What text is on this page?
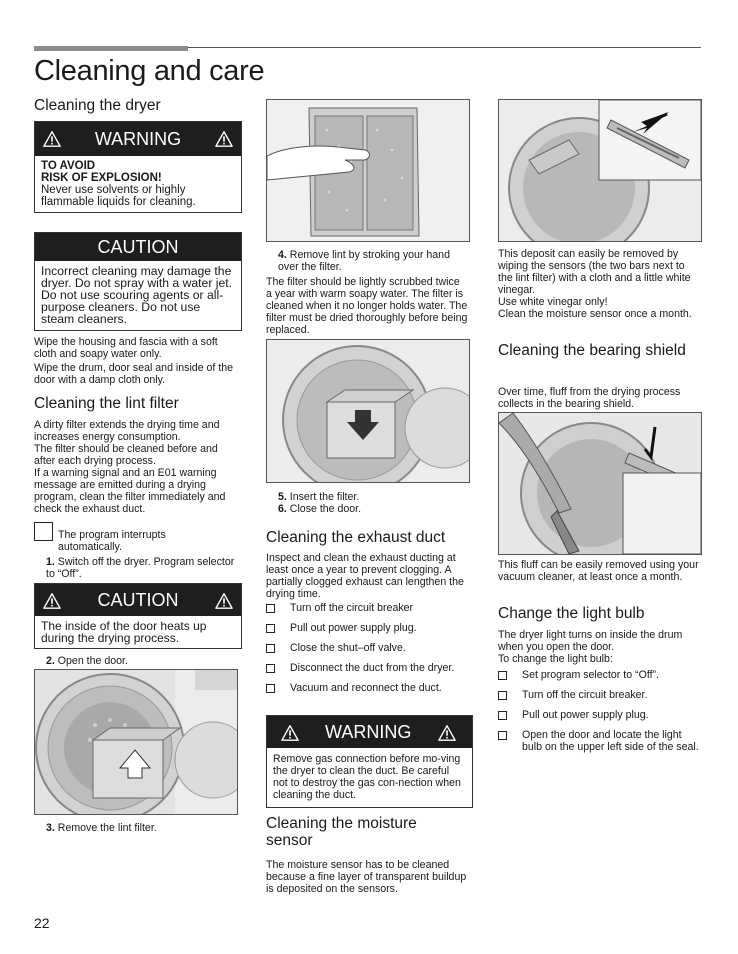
Cleaning and care
Cleaning the dryer
WARNING
TO AVOID
RISK OF EXPLOSION!
Never use solvents or highly flammable liquids for cleaning.
CAUTION
Incorrect cleaning may damage the dryer. Do not spray with a water jet. Do not use scouring agents or all-purpose cleaners. Do not use steam cleaners.

Wipe the housing and fascia with a soft cloth and soapy water only.

Wipe the drum, door seal and inside of the door with a damp cloth only.

Cleaning the lint filter

A dirty filter extends the drying time and increases energy consumption.

The filter should be cleaned before and after each drying process.

If a warning signal and an E01 warning message are emitted during a drying program, clean the filter immediately and check the exhaust duct.

The program interrupts automatically.

1. Switch off the dryer. Program selector to “Off”.

CAUTION
The inside of the door heats up during the drying process.

2. Open the door.

3. Remove the lint filter.

4. Remove lint by stroking your hand over the filter.

The filter should be lightly scrubbed twice a year with warm soapy water. The filter is cleaned when it no longer holds water. The filter must be dried thoroughly before being replaced.

5. Insert the filter.

6. Close the door.

Cleaning the exhaust duct

Inspect and clean the exhaust ducting at least once a year to prevent clogging. A partially clogged exhaust can lengthen the drying time.

Turn off the circuit breaker
Pull out power supply plug.
Close the shut–off valve.
Disconnect the duct from the dryer.
Vacuum and reconnect the duct.
WARNING
Remove gas connection before mo-ving the dryer to clean the duct. Be careful not to destroy the gas con-nection when cleaning the duct.
Cleaning the moisture sensor

The moisture sensor has to be cleaned because a fine layer of transparent buildup is deposited on the sensors.

This deposit can easily be removed by wiping the sensors (the two bars next to the lint filter) with a cloth and a little white vinegar.

Use white vinegar only!

Clean the moisture sensor once a month.

Cleaning the bearing shield

Over time, fluff from the drying process collects in the bearing shield.

This fluff can be easily removed using your vacuum cleaner, at least once a month.

Change the light bulb

The dryer light turns on inside the drum when you open the door.

To change the light bulb:

Set program selector to “Off”.
Turn off the circuit breaker.
Pull out power supply plug.
Open the door and locate the light bulb on the upper left side of the seal.
22
